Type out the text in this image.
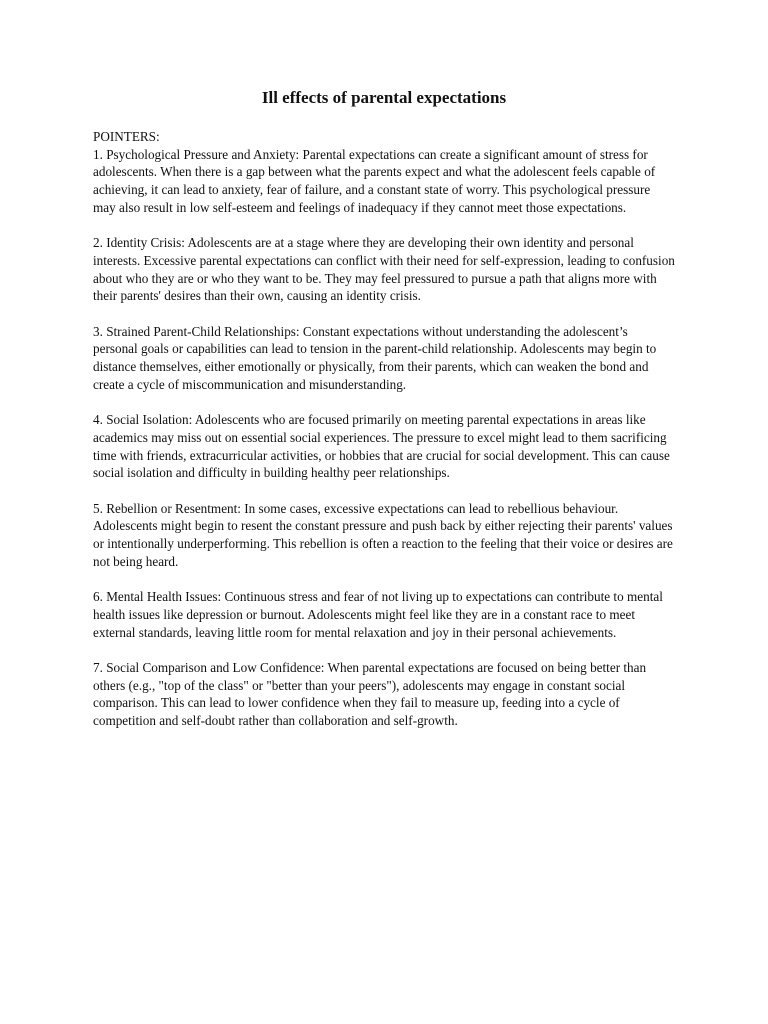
Ill effects of parental expectations

POINTERS:

1. Psychological Pressure and Anxiety: Parental expectations can create a significant amount of stress for adolescents. When there is a gap between what the parents expect and what the adolescent feels capable of achieving, it can lead to anxiety, fear of failure, and a constant state of worry. This psychological pressure may also result in low self-esteem and feelings of inadequacy if they cannot meet those expectations.

2. Identity Crisis: Adolescents are at a stage where they are developing their own identity and personal interests. Excessive parental expectations can conflict with their need for self-expression, leading to confusion about who they are or who they want to be. They may feel pressured to pursue a path that aligns more with their parents' desires than their own, causing an identity crisis.

3. Strained Parent-Child Relationships: Constant expectations without understanding the adolescent’s personal goals or capabilities can lead to tension in the parent-child relationship. Adolescents may begin to distance themselves, either emotionally or physically, from their parents, which can weaken the bond and create a cycle of miscommunication and misunderstanding.

4. Social Isolation: Adolescents who are focused primarily on meeting parental expectations in areas like academics may miss out on essential social experiences. The pressure to excel might lead to them sacrificing time with friends, extracurricular activities, or hobbies that are crucial for social development. This can cause social isolation and difficulty in building healthy peer relationships.

5. Rebellion or Resentment: In some cases, excessive expectations can lead to rebellious behaviour. Adolescents might begin to resent the constant pressure and push back by either rejecting their parents' values or intentionally underperforming. This rebellion is often a reaction to the feeling that their voice or desires are not being heard.

6. Mental Health Issues: Continuous stress and fear of not living up to expectations can contribute to mental health issues like depression or burnout. Adolescents might feel like they are in a constant race to meet external standards, leaving little room for mental relaxation and joy in their personal achievements.

7. Social Comparison and Low Confidence: When parental expectations are focused on being better than others (e.g., "top of the class" or "better than your peers"), adolescents may engage in constant social comparison. This can lead to lower confidence when they fail to measure up, feeding into a cycle of competition and self-doubt rather than collaboration and self-growth.
